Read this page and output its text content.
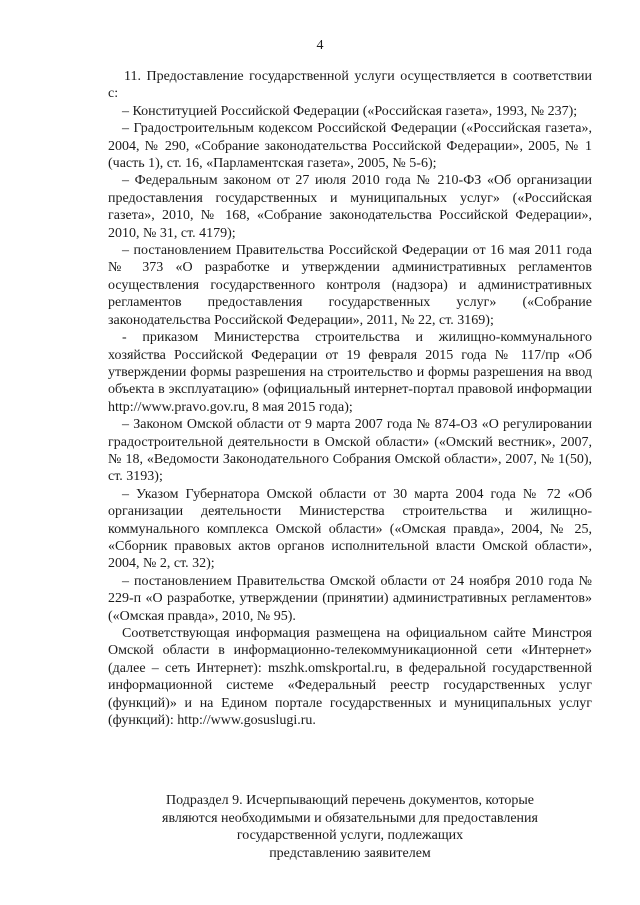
4

11. Предоставление государственной услуги осуществляется в соответствии с:

– Конституцией Российской Федерации («Российская газета», 1993, № 237);

– Градостроительным кодексом Российской Федерации («Российская газета», 2004, № 290, «Собрание законодательства Российской Федерации», 2005, № 1 (часть 1), ст. 16, «Парламентская газета», 2005, № 5-6);

– Федеральным законом от 27 июля 2010 года № 210-ФЗ «Об организации предоставления государственных и муниципальных услуг» («Российская газета», 2010, № 168, «Собрание законодательства Российской Федерации», 2010, № 31, ст. 4179);

– постановлением Правительства Российской Федерации от 16 мая 2011 года № 373 «О разработке и утверждении административных регламентов осуществления государственного контроля (надзора) и административных регламентов предоставления государственных услуг» («Собрание законодательства Российской Федерации», 2011, № 22, ст. 3169);

- приказом Министерства строительства и жилищно-коммунального хозяйства Российской Федерации от 19 февраля 2015 года № 117/пр «Об утверждении формы разрешения на строительство и формы разрешения на ввод объекта в эксплуатацию» (официальный интернет-портал правовой информации http://www.pravo.gov.ru, 8 мая 2015 года);

– Законом Омской области от 9 марта 2007 года № 874-ОЗ «О регулировании градостроительной деятельности в Омской области» («Омский вестник», 2007, № 18, «Ведомости Законодательного Собрания Омской области», 2007, № 1(50), ст. 3193);

– Указом Губернатора Омской области от 30 марта 2004 года № 72 «Об организации деятельности Министерства строительства и жилищно-коммунального комплекса Омской области» («Омская правда», 2004, № 25, «Сборник правовых актов органов исполнительной власти Омской области», 2004, № 2, ст. 32);

– постановлением Правительства Омской области от 24 ноября 2010 года № 229-п «О разработке, утверждении (принятии) административных регламентов» («Омская правда», 2010, № 95).

Соответствующая информация размещена на официальном сайте Минстроя Омской области в информационно-телекоммуникационной сети «Интернет» (далее – сеть Интернет): mszhk.omskportal.ru, в федеральной государственной информационной системе «Федеральный реестр государственных услуг (функций)» и на Едином портале государственных и муниципальных услуг (функций): http://www.gosuslugi.ru.

Подраздел 9. Исчерпывающий перечень документов, которые

являются необходимыми и обязательными для предоставления

государственной услуги, подлежащих

представлению заявителем
